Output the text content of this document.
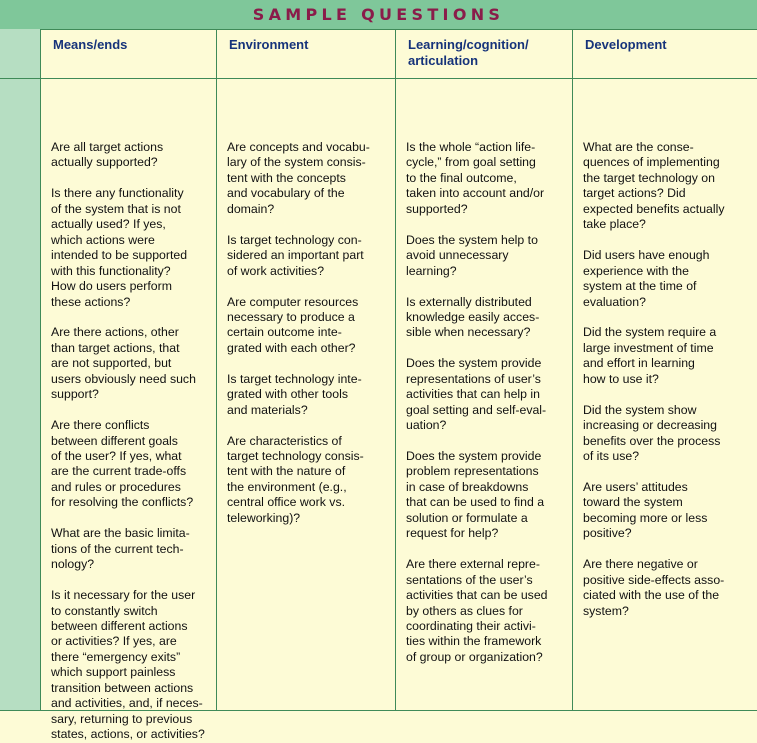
SAMPLE QUESTIONS
Means/ends	Environment	Learning/cognition/
articulation
Development

Are all target actions
actually supported?

Is there any functionality
of the system that is not
actually used? If yes,
which actions were
intended to be supported
with this functionality?
How do users perform
these actions?

Are there actions, other
than target actions, that
are not supported, but
users obviously need such
support?

Are there conflicts
between different goals
of the user? If yes, what
are the current trade-offs
and rules or procedures
for resolving the conflicts?

What are the basic limita-
tions of the current tech-
nology?

Is it necessary for the user
to constantly switch
between different actions
or activities? If yes, are
there “emergency exits”
which support painless
transition between actions
and activities, and, if neces-
sary, returning to previous
states, actions, or activities?

Are concepts and vocabu-
lary of the system consis-
tent with the concepts
and vocabulary of the
domain?

Is target technology con-
sidered an important part
of work activities?

Are computer resources
necessary to produce a
certain outcome inte-
grated with each other?

Is target technology inte-
grated with other tools
and materials?

Are characteristics of
target technology consis-
tent with the nature of
the environment (e.g.,
central office work vs.
teleworking)?

Is the whole “action life-
cycle,” from goal setting
to the final outcome,
taken into account and/or
supported?

Does the system help to
avoid unnecessary
learning?

Is externally distributed
knowledge easily acces-
sible when necessary?

Does the system provide
representations of user’s
activities that can help in
goal setting and self-eval-
uation?

Does the system provide
problem representations
in case of breakdowns
that can be used to find a
solution or formulate a
request for help?

Are there external repre-
sentations of the user’s
activities that can be used
by others as clues for
coordinating their activi-
ties within the framework
of group or organization?

What are the conse-
quences of implementing
the target technology on
target actions? Did
expected benefits actually
take place?

Did users have enough
experience with the
system at the time of
evaluation?

Did the system require a
large investment of time
and effort in learning
how to use it?

Did the system show
increasing or decreasing
benefits over the process
of its use?

Are users’ attitudes
toward the system
becoming more or less
positive?

Are there negative or
positive side-effects asso-
ciated with the use of the
system?
